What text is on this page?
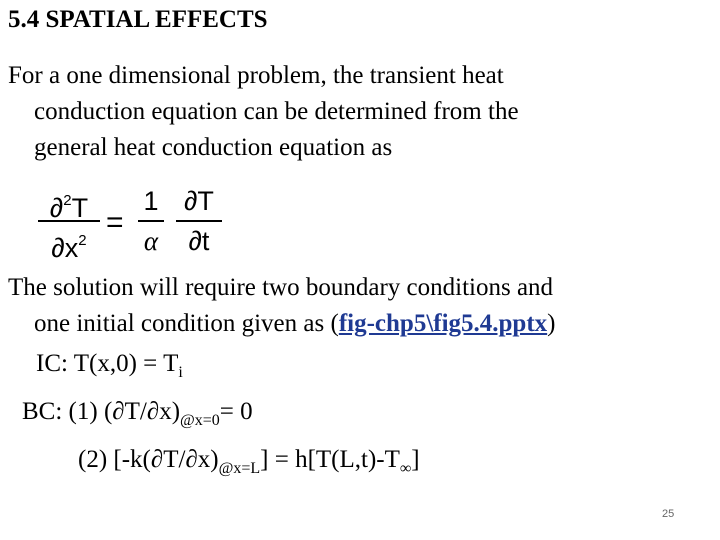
5.4 SPATIAL EFFECTS
For a one dimensional problem, the transient heat
conduction equation can be determined from the
general heat conduction equation as
∂$^2$T
$\partial x^2$
=
1
α
∂T
∂t
The solution will require two boundary conditions and
one initial condition given as (fig-chp5\fig5.4.pptx)
IC: $T(x,0) = T_i$
BC: (1) $(\partial T/\partial x)_{@x=0}= 0$
(2) $[-k(\partial T/\partial x)_{@x=L}] = h[T(L,t)-T_\infty]$
25
